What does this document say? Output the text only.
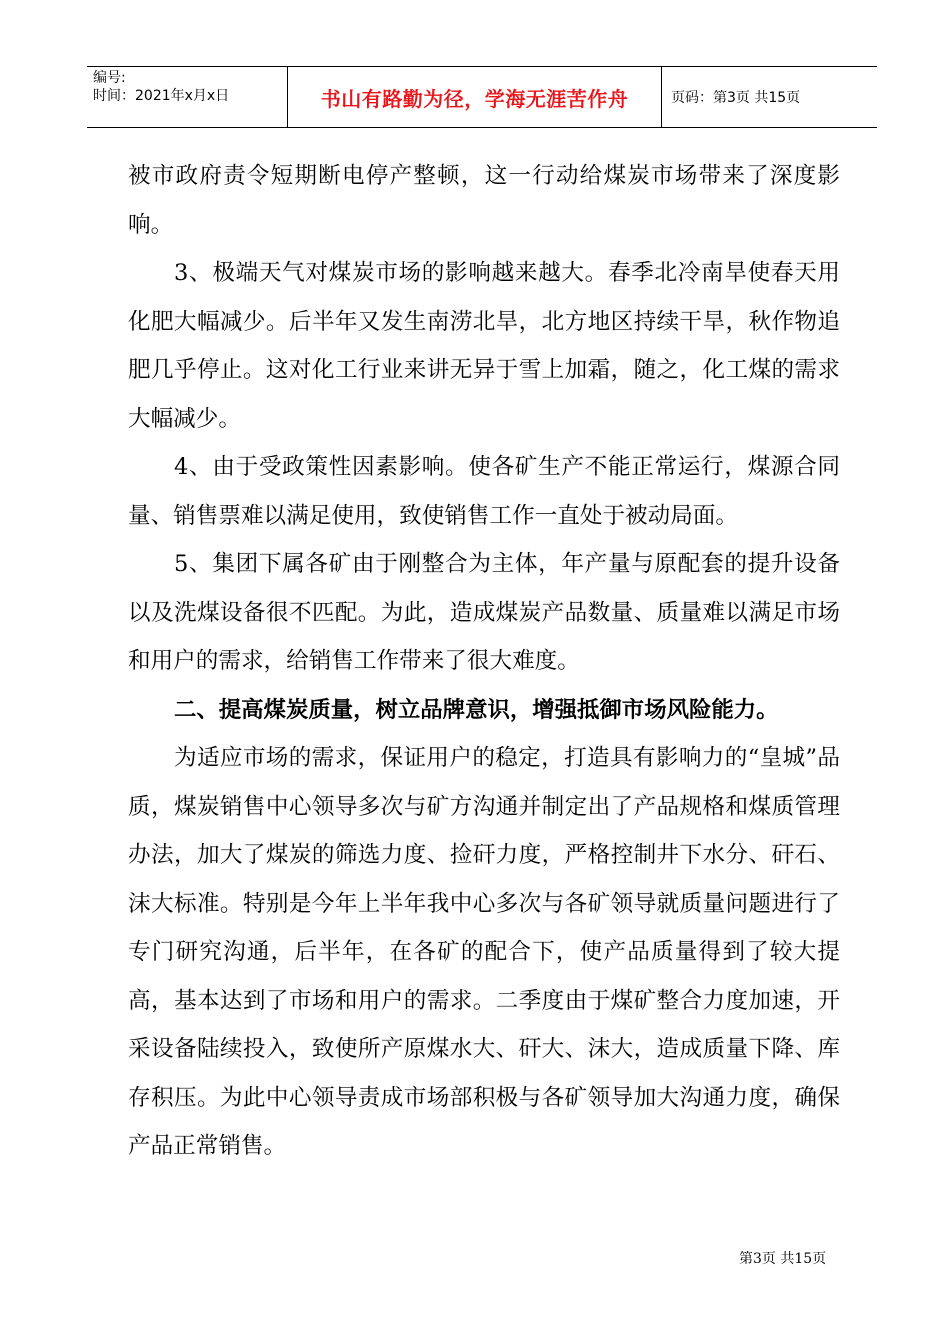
编号:
时间：2021年x月x日	书山有路勤为径，学海无涯苦作舟	页码：第3页 共15页

被市政府责令短期断电停产整顿，这一行动给煤炭市场带来了深度影响。

3、极端天气对煤炭市场的影响越来越大。春季北冷南旱使春天用化肥大幅减少。后半年又发生南涝北旱，北方地区持续干旱，秋作物追肥几乎停止。这对化工行业来讲无异于雪上加霜，随之，化工煤的需求大幅减少。

4、由于受政策性因素影响。使各矿生产不能正常运行，煤源合同量、销售票难以满足使用，致使销售工作一直处于被动局面。

5、集团下属各矿由于刚整合为主体，年产量与原配套的提升设备以及洗煤设备很不匹配。为此，造成煤炭产品数量、质量难以满足市场和用户的需求，给销售工作带来了很大难度。

二、提高煤炭质量，树立品牌意识，增强抵御市场风险能力。

为适应市场的需求，保证用户的稳定，打造具有影响力的“皇城”品质，煤炭销售中心领导多次与矿方沟通并制定出了产品规格和煤质管理办法，加大了煤炭的筛选力度、捡矸力度，严格控制井下水分、矸石、沫大标准。特别是今年上半年我中心多次与各矿领导就质量问题进行了专门研究沟通，后半年，在各矿的配合下，使产品质量得到了较大提高，基本达到了市场和用户的需求。二季度由于煤矿整合力度加速，开采设备陆续投入，致使所产原煤水大、矸大、沫大，造成质量下降、库存积压。为此中心领导责成市场部积极与各矿领导加大沟通力度，确保产品正常销售。

第3页 共15页
